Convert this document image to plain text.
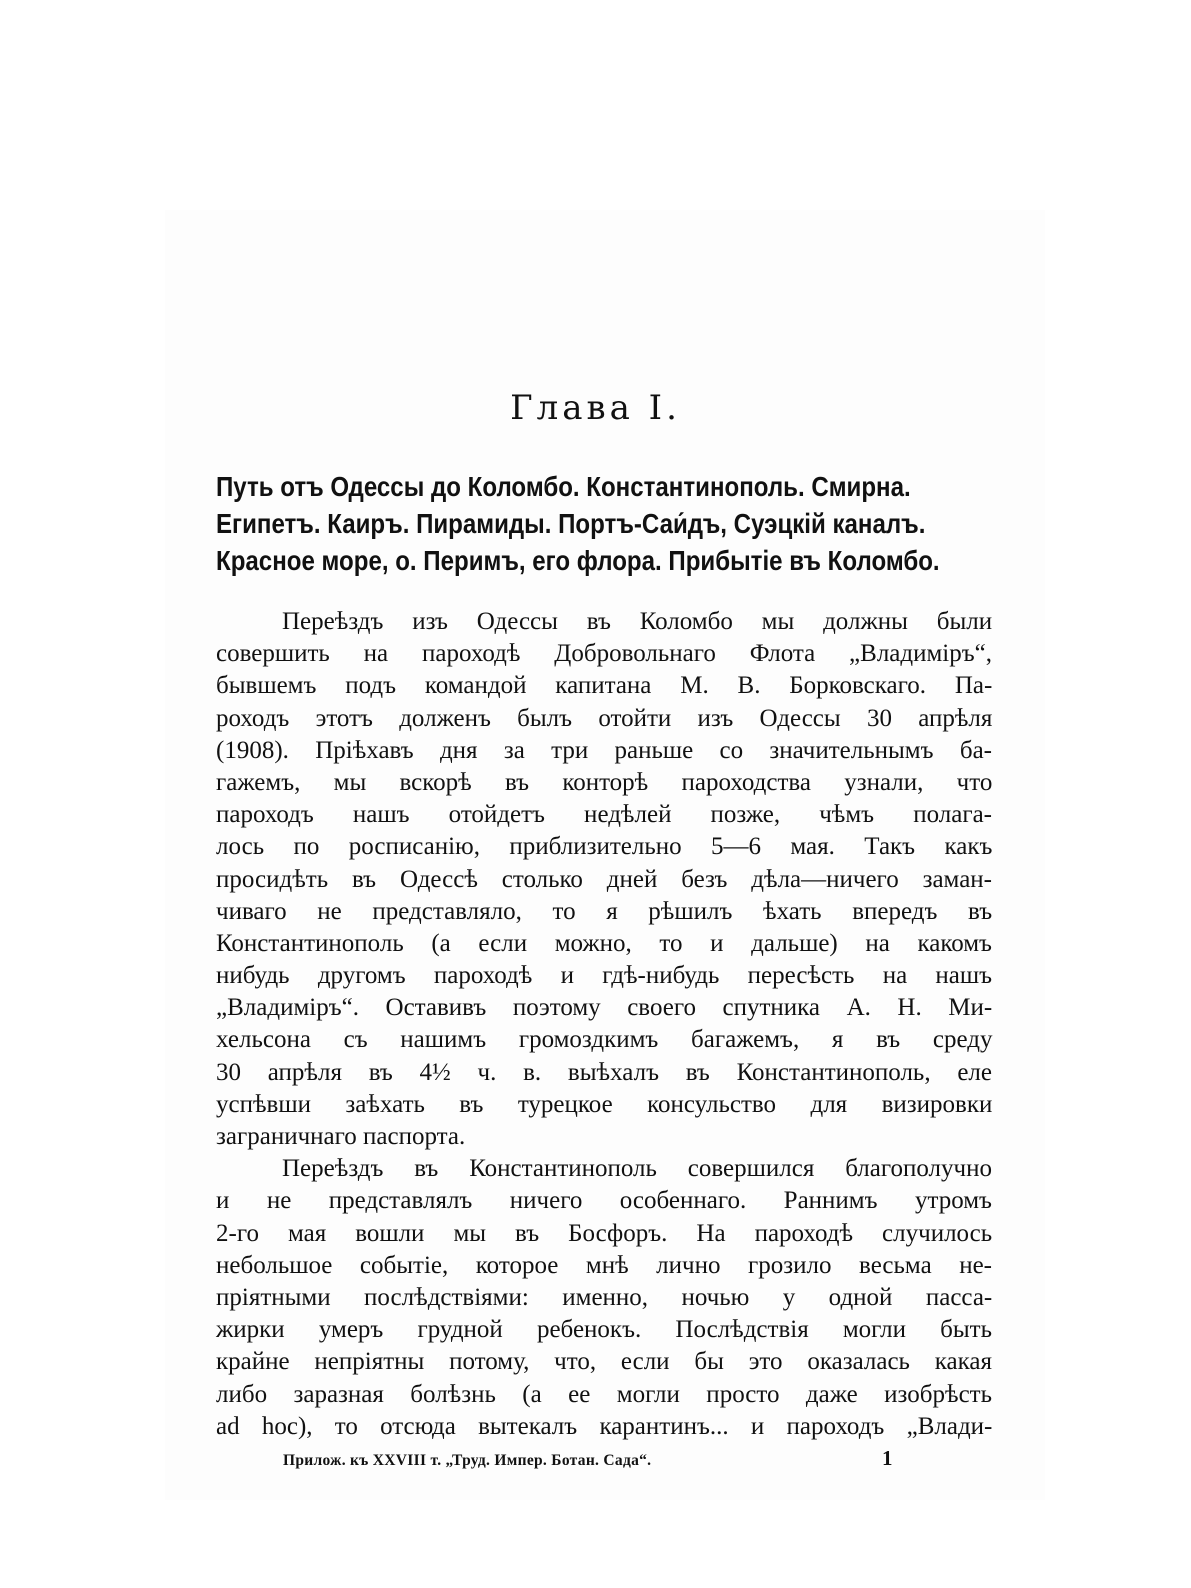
Глава I.
Путь отъ Одессы до Коломбо. Константинополь. Смирна.
Египетъ. Каиръ. Пирамиды. Портъ-Саи́дъ, Суэцкій каналъ.
Красное море, о. Перимъ, его флора. Прибытіе въ Коломбо.
Переѣздъ изъ Одессы въ Коломбо мы должны были
совершить на пароходѣ Добровольнаго Флота „Владиміръ“,
бывшемъ подъ командой капитана М. В. Борковскаго. Па-
роходъ этотъ долженъ былъ отойти изъ Одессы 30 апрѣля
(1908). Пріѣхавъ дня за три раньше со значительнымъ ба-
гажемъ, мы вскорѣ въ конторѣ пароходства узнали, что
пароходъ нашъ отойдетъ недѣлей позже, чѣмъ полага-
лось по росписанію, приблизительно 5—6 мая. Такъ какъ
просидѣть въ Одессѣ столько дней безъ дѣла—ничего заман-
чиваго не представляло, то я рѣшилъ ѣхать впередъ въ
Константинополь (а если можно, то и дальше) на какомъ
нибудь другомъ пароходѣ и гдѣ-нибудь пересѣсть на нашъ
„Владиміръ“. Оставивъ поэтому своего спутника А. Н. Ми-
хельсона съ нашимъ громоздкимъ багажемъ, я въ среду
30 апрѣля въ 4½ ч. в. выѣхалъ въ Константинополь, еле
успѣвши заѣхать въ турецкое консульство для визировки
заграничнаго паспорта.
Переѣздъ въ Константинополь совершился благополучно
и не представлялъ ничего особеннаго. Раннимъ утромъ
2-го мая вошли мы въ Босфоръ. На пароходѣ случилось
небольшое событіе, которое мнѣ лично грозило весьма не-
пріятными послѣдствіями: именно, ночью у одной пасса-
жирки умеръ грудной ребенокъ. Послѣдствія могли быть
крайне непріятны потому, что, если бы это оказалась какая
либо заразная болѣзнь (а ее могли просто даже изобрѣсть
ad hoc), то отсюда вытекалъ карантинъ... и пароходъ „Влади-

Прилож. къ XXVIII т. „Труд. Импер. Ботан. Сада“.	1
